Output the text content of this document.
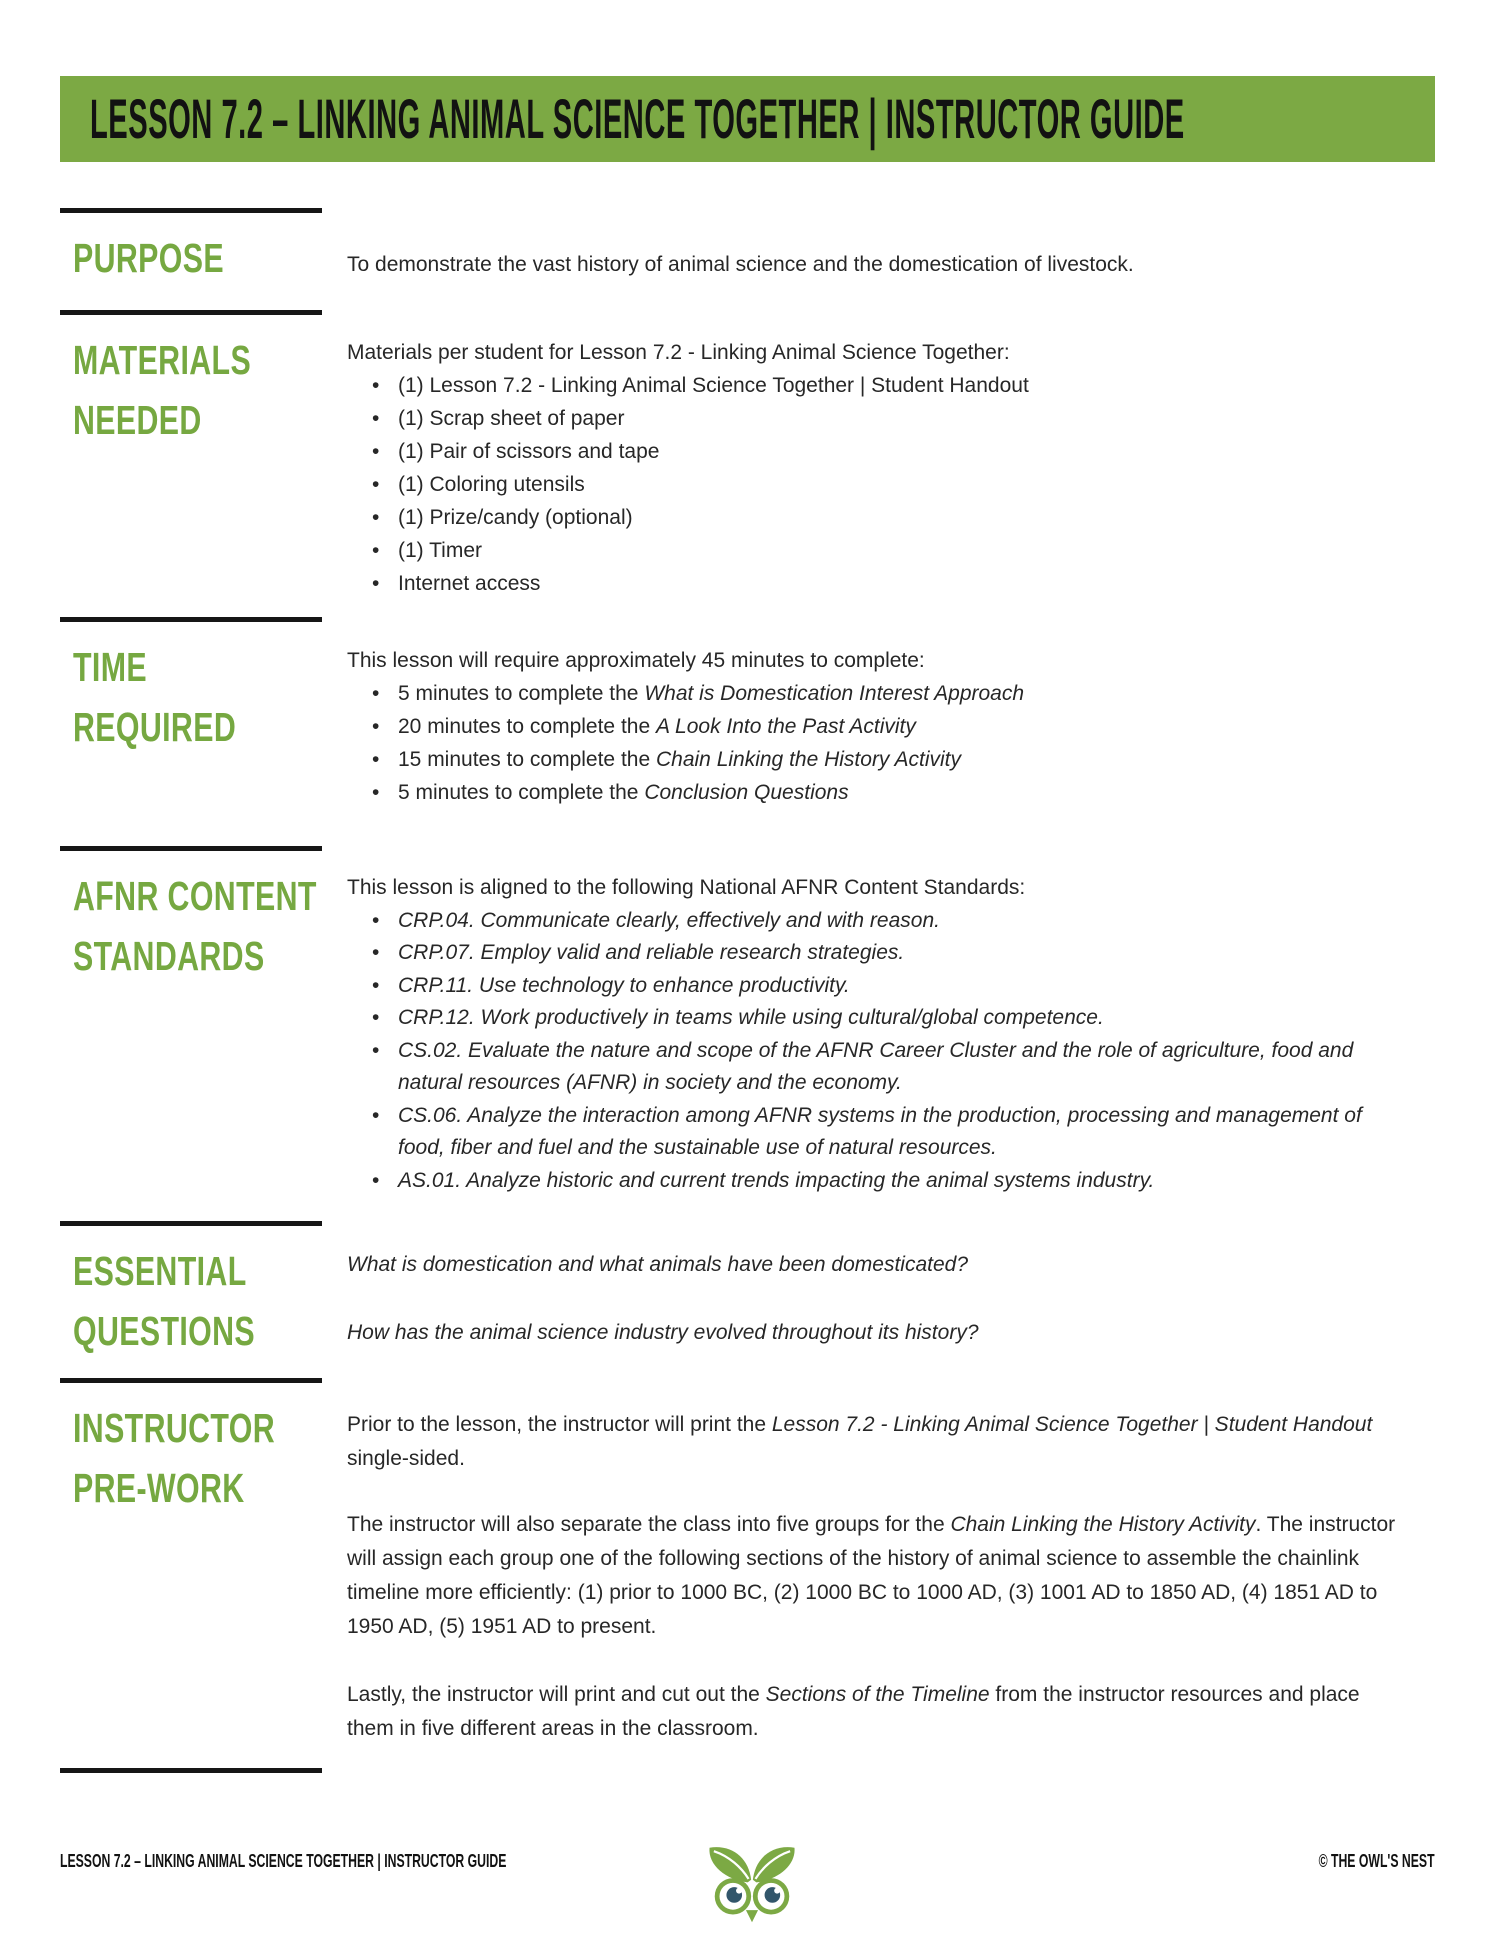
LESSON 7.2 – LINKING ANIMAL SCIENCE TOGETHER | INSTRUCTOR GUIDE
PURPOSE	To demonstrate the vast history of animal science and the domestication of livestock.

MATERIALS
NEEDED

Materials per student for Lesson 7.2 - Linking Animal Science Together:

• (1) Lesson 7.2 - Linking Animal Science Together | Student Handout
• (1) Scrap sheet of paper
• (1) Pair of scissors and tape
• (1) Coloring utensils
• (1) Prize/candy (optional)
• (1) Timer
• Internet access
TIME
REQUIRED

This lesson will require approximately 45 minutes to complete:

• 5 minutes to complete the What is Domestication Interest Approach
• 20 minutes to complete the A Look Into the Past Activity
• 15 minutes to complete the Chain Linking the History Activity
• 5 minutes to complete the Conclusion Questions
AFNR CONTENT
STANDARDS

This lesson is aligned to the following National AFNR Content Standards:

• CRP.04. Communicate clearly, effectively and with reason.
• CRP.07. Employ valid and reliable research strategies.
• CRP.11. Use technology to enhance productivity.
• CRP.12. Work productively in teams while using cultural/global competence.
• CS.02. Evaluate the nature and scope of the AFNR Career Cluster and the role of agriculture, food and natural resources (AFNR) in society and the economy.
• CS.06. Analyze the interaction among AFNR systems in the production, processing and management of food, fiber and fuel and the sustainable use of natural resources.
• AS.01. Analyze historic and current trends impacting the animal systems industry.
ESSENTIAL
QUESTIONS

What is domestication and what animals have been domesticated?

How has the animal science industry evolved throughout its history?

INSTRUCTOR
PRE-WORK

Prior to the lesson, the instructor will print the Lesson 7.2 - Linking Animal Science Together | Student Handout single-sided.

The instructor will also separate the class into five groups for the Chain Linking the History Activity. The instructor will assign each group one of the following sections of the history of animal science to assemble the chainlink timeline more efficiently: (1) prior to 1000 BC, (2) 1000 BC to 1000 AD, (3) 1001 AD to 1850 AD, (4) 1851 AD to 1950 AD, (5) 1951 AD to present.

Lastly, the instructor will print and cut out the Sections of the Timeline from the instructor resources and place them in five different areas in the classroom.

LESSON 7.2 – LINKING ANIMAL SCIENCE TOGETHER | INSTRUCTOR GUIDE	© THE OWL'S NEST
